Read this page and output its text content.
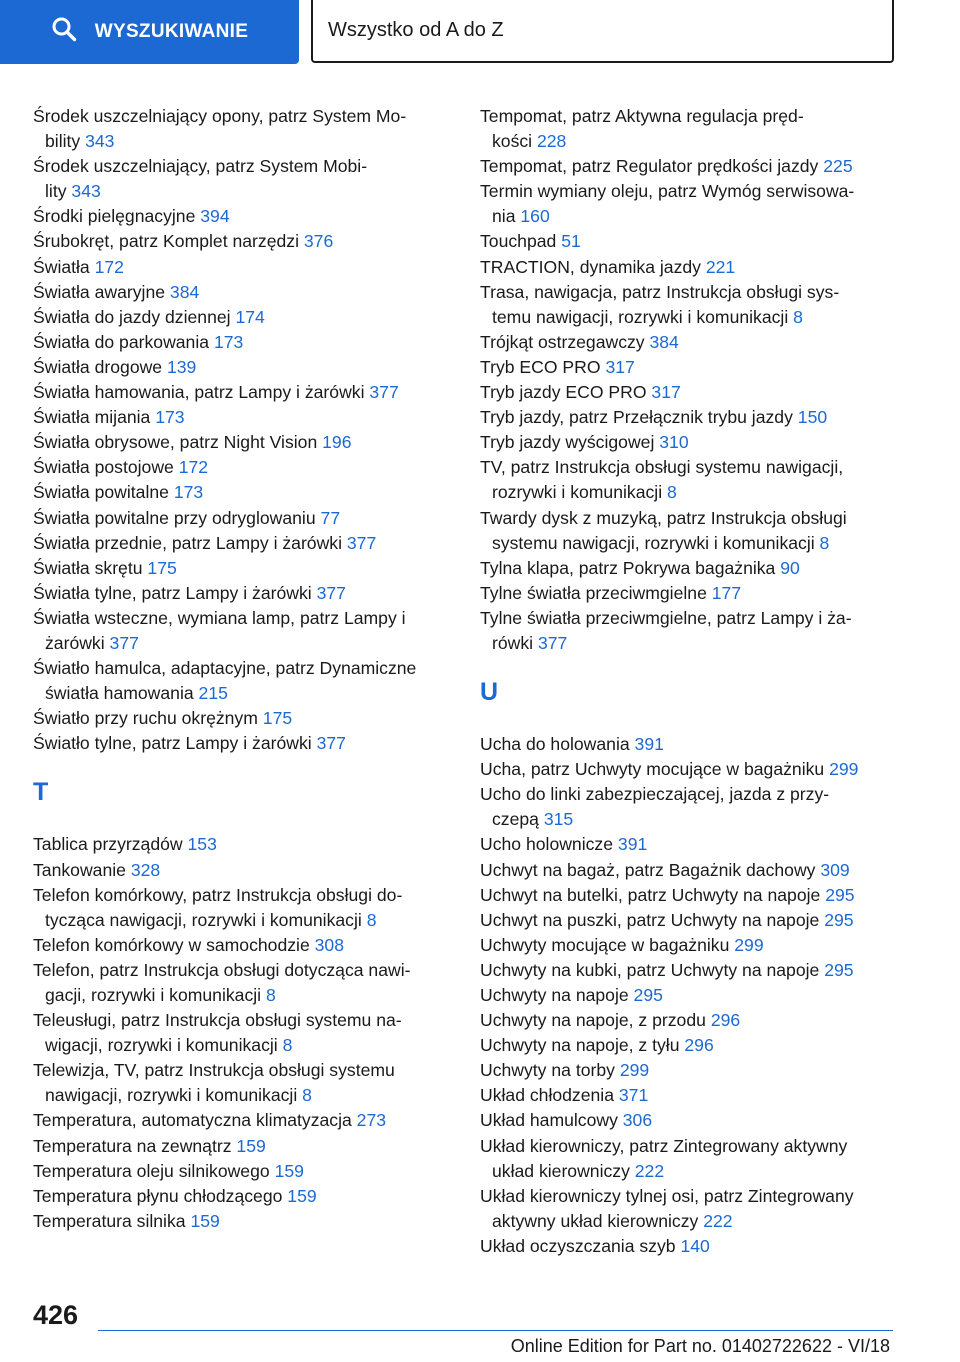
WYSZUKIWANIE	Wszystko od A do Z
Środek uszczelniający opony, patrz System Mo-
bility 343
Środek uszczelniający, patrz System Mobi-
lity 343
Środki pielęgnacyjne 394
Śrubokręt, patrz Komplet narzędzi 376
Światła 172
Światła awaryjne 384
Światła do jazdy dziennej 174
Światła do parkowania 173
Światła drogowe 139
Światła hamowania, patrz Lampy i żarówki 377
Światła mijania 173
Światła obrysowe, patrz Night Vision 196
Światła postojowe 172
Światła powitalne 173
Światła powitalne przy odryglowaniu 77
Światła przednie, patrz Lampy i żarówki 377
Światła skrętu 175
Światła tylne, patrz Lampy i żarówki 377
Światła wsteczne, wymiana lamp, patrz Lampy i
żarówki 377
Światło hamulca, adaptacyjne, patrz Dynamiczne
światła hamowania 215
Światło przy ruchu okrężnym 175
Światło tylne, patrz Lampy i żarówki 377
T
Tablica przyrządów 153
Tankowanie 328
Telefon komórkowy, patrz Instrukcja obsługi do-
tycząca nawigacji, rozrywki i komunikacji 8
Telefon komórkowy w samochodzie 308
Telefon, patrz Instrukcja obsługi dotycząca nawi-
gacji, rozrywki i komunikacji 8
Teleusługi, patrz Instrukcja obsługi systemu na-
wigacji, rozrywki i komunikacji 8
Telewizja, TV, patrz Instrukcja obsługi systemu
nawigacji, rozrywki i komunikacji 8
Temperatura, automatyczna klimatyzacja 273
Temperatura na zewnątrz 159
Temperatura oleju silnikowego 159
Temperatura płynu chłodzącego 159
Temperatura silnika 159
Tempomat, patrz Aktywna regulacja pręd-
kości 228
Tempomat, patrz Regulator prędkości jazdy 225
Termin wymiany oleju, patrz Wymóg serwisowa-
nia 160
Touchpad 51
TRACTION, dynamika jazdy 221
Trasa, nawigacja, patrz Instrukcja obsługi sys-
temu nawigacji, rozrywki i komunikacji 8
Trójkąt ostrzegawczy 384
Tryb ECO PRO 317
Tryb jazdy ECO PRO 317
Tryb jazdy, patrz Przełącznik trybu jazdy 150
Tryb jazdy wyścigowej 310
TV, patrz Instrukcja obsługi systemu nawigacji,
rozrywki i komunikacji 8
Twardy dysk z muzyką, patrz Instrukcja obsługi
systemu nawigacji, rozrywki i komunikacji 8
Tylna klapa, patrz Pokrywa bagażnika 90
Tylne światła przeciwmgielne 177
Tylne światła przeciwmgielne, patrz Lampy i ża-
rówki 377
U
Ucha do holowania 391
Ucha, patrz Uchwyty mocujące w bagażniku 299
Ucho do linki zabezpieczającej, jazda z przy-
czepą 315
Ucho holownicze 391
Uchwyt na bagaż, patrz Bagażnik dachowy 309
Uchwyt na butelki, patrz Uchwyty na napoje 295
Uchwyt na puszki, patrz Uchwyty na napoje 295
Uchwyty mocujące w bagażniku 299
Uchwyty na kubki, patrz Uchwyty na napoje 295
Uchwyty na napoje 295
Uchwyty na napoje, z przodu 296
Uchwyty na napoje, z tyłu 296
Uchwyty na torby 299
Układ chłodzenia 371
Układ hamulcowy 306
Układ kierowniczy, patrz Zintegrowany aktywny
układ kierowniczy 222
Układ kierowniczy tylnej osi, patrz Zintegrowany
aktywny układ kierowniczy 222
Układ oczyszczania szyb 140
426
Online Edition for Part no. 01402722622 - VI/18
